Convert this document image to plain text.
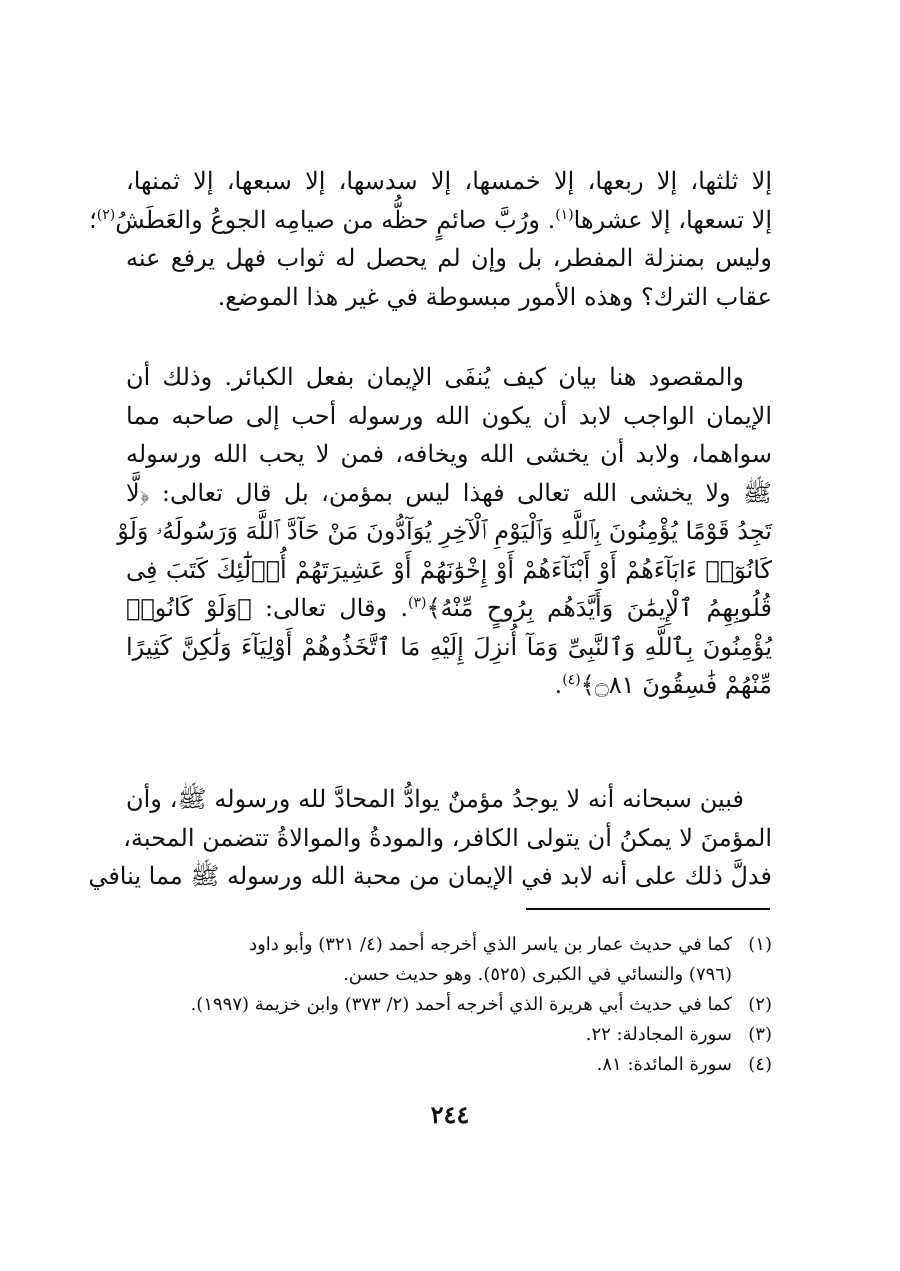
إلا ثلثها، إلا ربعها، إلا خمسها، إلا سدسها، إلا سبعها، إلا ثمنها،
إلا تسعها، إلا عشرها$^{(١)}$. ورُبَّ صائمٍ حظُّه من صيامِه الجوعُ والعَطَشُ$^{(٢)}$؛
وليس بمنزلة المفطر، بل وإن لم يحصل له ثواب فهل يرفع عنه
عقاب الترك؟ وهذه الأمور مبسوطة في غير هذا الموضع.
والمقصود هنا بيان كيف يُنفَى الإيمان بفعل الكبائر. وذلك أن
الإيمان الواجب لابد أن يكون الله ورسوله أحب إلى صاحبه مما
سواهما، ولابد أن يخشى الله ويخافه، فمن لا يحب الله ورسوله
ﷺ ولا يخشى الله تعالى فهذا ليس بمؤمن، بل قال تعالى: ﴿لَّا
تَجِدُ قَوْمًا يُؤْمِنُونَ بِٱللَّهِ وَٱلْيَوْمِ ٱلْآخِرِ يُوَآدُّونَ مَنْ حَآدَّ ٱللَّهَ وَرَسُولَهُۥ وَلَوْ
كَانُوٓا۟ ءَابَآءَهُمْ أَوْ أَبْنَآءَهُمْ أَوْ إِخْوَٰنَهُمْ أَوْ عَشِيرَتَهُمْ أُو۟لَٰٓئِكَ كَتَبَ فِى
قُلُوبِهِمُ ٱلْإِيمَٰنَ وَأَيَّدَهُم بِرُوحٍ مِّنْهُ﴾$^{(٣)}$. وقال تعالى: ﴿وَلَوْ كَانُوا۟
يُؤْمِنُونَ بِٱللَّهِ وَٱلنَّبِىِّ وَمَآ أُنزِلَ إِلَيْهِ مَا ٱتَّخَذُوهُمْ أَوْلِيَآءَ وَلَٰكِنَّ كَثِيرًا
مِّنْهُمْ فَٰسِقُونَ ۝٨١﴾$^{(٤)}$.
فبين سبحانه أنه لا يوجدُ مؤمنٌ يوادُّ المحادَّ لله ورسوله ﷺ، وأن
المؤمنَ لا يمكنُ أن يتولى الكافر، والمودةُ والموالاةُ تتضمن المحبة،
فدلَّ ذلك على أنه لابد في الإيمان من محبة الله ورسوله ﷺ مما ينافي
(١)كما في حديث عمار بن ياسر الذي أخرجه أحمد (٤/ ٣٢١) وأبو داود
(٧٩٦) والنسائي في الكبرى (٥٢٥). وهو حديث حسن.
(٢)كما في حديث أبي هريرة الذي أخرجه أحمد (٢/ ٣٧٣) وابن خزيمة (١٩٩٧).
(٣)سورة المجادلة: ٢٢.
(٤)سورة المائدة: ٨١.
٢٤٤
